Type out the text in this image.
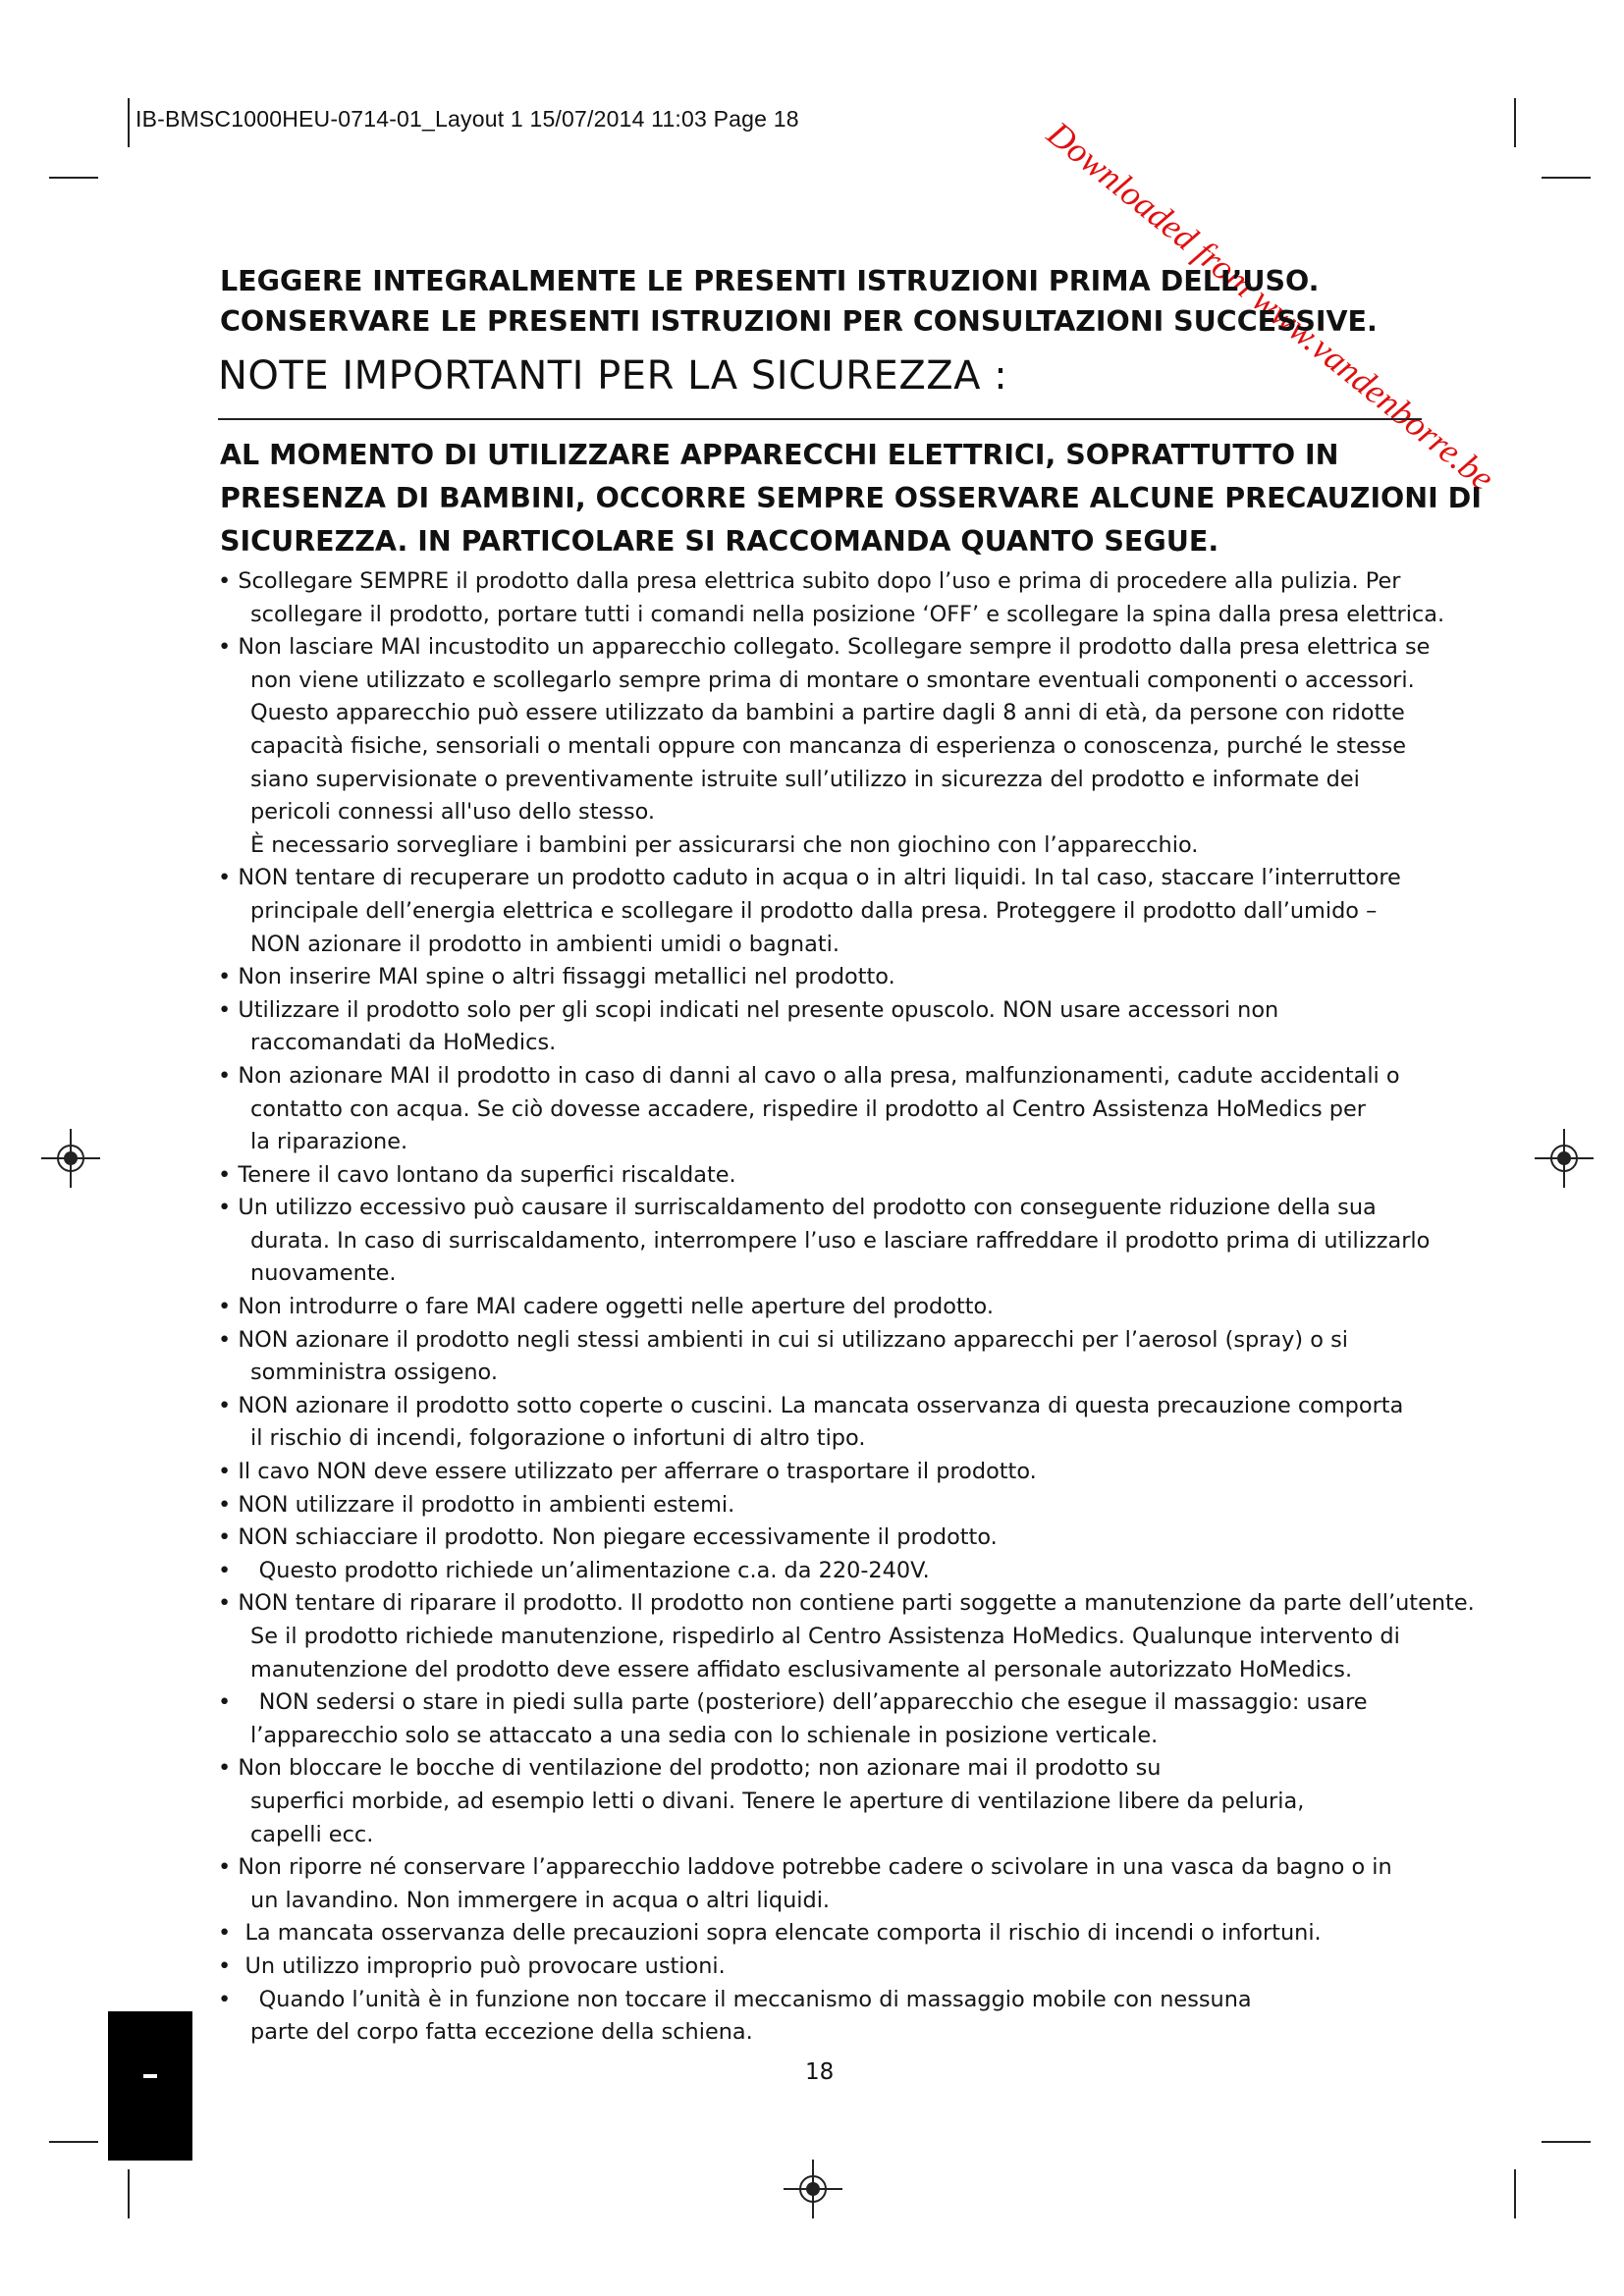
IB-BMSC1000HEU-0714-01_Layout 1 15/07/2014 11:03 Page 18	Downloaded from www.vandenborre.be
LEGGERE INTEGRALMENTE LE PRESENTI ISTRUZIONI PRIMA DELL’USO.
CONSERVARE LE PRESENTI ISTRUZIONI PER CONSULTAZIONI SUCCESSIVE.
NOTE IMPORTANTI PER LA SICUREZZA :
AL MOMENTO DI UTILIZZARE APPARECCHI ELETTRICI, SOPRATTUTTO IN
PRESENZA DI BAMBINI, OCCORRE SEMPRE OSSERVARE ALCUNE PRECAUZIONI DI
SICUREZZA. IN PARTICOLARE SI RACCOMANDA QUANTO SEGUE.
• Scollegare SEMPRE il prodotto dalla presa elettrica subito dopo l’uso e prima di procedere alla pulizia. Per
scollegare il prodotto, portare tutti i comandi nella posizione ‘OFF’ e scollegare la spina dalla presa elettrica.
• Non lasciare MAI incustodito un apparecchio collegato. Scollegare sempre il prodotto dalla presa elettrica se
non viene utilizzato e scollegarlo sempre prima di montare o smontare eventuali componenti o accessori.
Questo apparecchio può essere utilizzato da bambini a partire dagli 8 anni di età, da persone con ridotte
capacità fisiche, sensoriali o mentali oppure con mancanza di esperienza o conoscenza, purché le stesse
siano supervisionate o preventivamente istruite sull’utilizzo in sicurezza del prodotto e informate dei
pericoli connessi all'uso dello stesso.
È necessario sorvegliare i bambini per assicurarsi che non giochino con l’apparecchio.
• NON tentare di recuperare un prodotto caduto in acqua o in altri liquidi. In tal caso, staccare l’interruttore
principale dell’energia elettrica e scollegare il prodotto dalla presa. Proteggere il prodotto dall’umido –
NON azionare il prodotto in ambienti umidi o bagnati.
• Non inserire MAI spine o altri fissaggi metallici nel prodotto.
• Utilizzare il prodotto solo per gli scopi indicati nel presente opuscolo. NON usare accessori non
raccomandati da HoMedics.
• Non azionare MAI il prodotto in caso di danni al cavo o alla presa, malfunzionamenti, cadute accidentali o
contatto con acqua. Se ciò dovesse accadere, rispedire il prodotto al Centro Assistenza HoMedics per
la riparazione.
• Tenere il cavo lontano da superfici riscaldate.
• Un utilizzo eccessivo può causare il surriscaldamento del prodotto con conseguente riduzione della sua
durata. In caso di surriscaldamento, interrompere l’uso e lasciare raffreddare il prodotto prima di utilizzarlo
nuovamente.
• Non introdurre o fare MAI cadere oggetti nelle aperture del prodotto.
• NON azionare il prodotto negli stessi ambienti in cui si utilizzano apparecchi per l’aerosol (spray) o si
somministra ossigeno.
• NON azionare il prodotto sotto coperte o cuscini. La mancata osservanza di questa precauzione comporta
il rischio di incendi, folgorazione o infortuni di altro tipo.
• Il cavo NON deve essere utilizzato per afferrare o trasportare il prodotto.
• NON utilizzare il prodotto in ambienti estemi.
• NON schiacciare il prodotto. Non piegare eccessivamente il prodotto.
•    Questo prodotto richiede un’alimentazione c.a. da 220-240V.
• NON tentare di riparare il prodotto. Il prodotto non contiene parti soggette a manutenzione da parte dell’utente.
Se il prodotto richiede manutenzione, rispedirlo al Centro Assistenza HoMedics. Qualunque intervento di
manutenzione del prodotto deve essere affidato esclusivamente al personale autorizzato HoMedics.
•    NON sedersi o stare in piedi sulla parte (posteriore) dell’apparecchio che esegue il massaggio: usare
l’apparecchio solo se attaccato a una sedia con lo schienale in posizione verticale.
• Non bloccare le bocche di ventilazione del prodotto; non azionare mai il prodotto su
superfici morbide, ad esempio letti o divani. Tenere le aperture di ventilazione libere da peluria,
capelli ecc.
• Non riporre né conservare l’apparecchio laddove potrebbe cadere o scivolare in una vasca da bagno o in
un lavandino. Non immergere in acqua o altri liquidi.
•  La mancata osservanza delle precauzioni sopra elencate comporta il rischio di incendi o infortuni.
•  Un utilizzo improprio può provocare ustioni.
•    Quando l’unità è in funzione non toccare il meccanismo di massaggio mobile con nessuna
parte del corpo fatta eccezione della schiena.
18
